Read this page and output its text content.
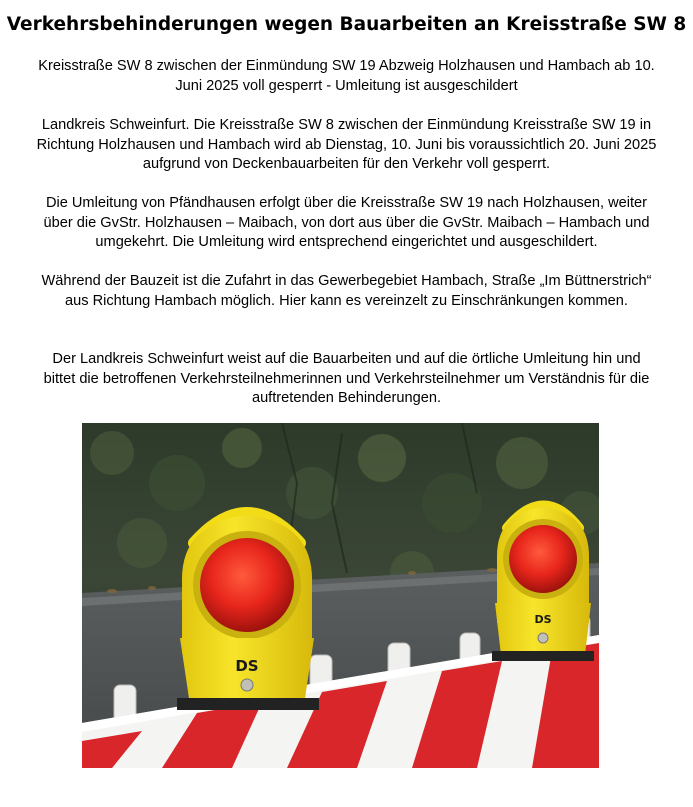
Verkehrsbehinderungen wegen Bauarbeiten an Kreisstraße SW 8

Kreisstraße SW 8 zwischen der Einmündung SW 19 Abzweig Holzhausen und Hambach ab 10. Juni 2025 voll gesperrt - Umleitung ist ausgeschildert

Landkreis Schweinfurt. Die Kreisstraße SW 8 zwischen der Einmündung Kreisstraße SW 19 in Richtung Holzhausen und Hambach wird ab Dienstag, 10. Juni bis voraussichtlich 20. Juni 2025 aufgrund von Deckenbauarbeiten für den Verkehr voll gesperrt.

Die Umleitung von Pfändhausen erfolgt über die Kreisstraße SW 19 nach Holzhausen, weiter über die GvStr. Holzhausen – Maibach, von dort aus über die GvStr. Maibach – Hambach und umgekehrt. Die Umleitung wird entsprechend eingerichtet und ausgeschildert.

Während der Bauzeit ist die Zufahrt in das Gewerbegebiet Hambach, Straße „Im Büttnerstrich“ aus Richtung Hambach möglich. Hier kann es vereinzelt zu Einschränkungen kommen.

Der Landkreis Schweinfurt weist auf die Bauarbeiten und auf die örtliche Umleitung hin und bittet die betroffenen Verkehrsteilnehmerinnen und Verkehrsteilnehmer um Verständnis für die auftretenden Behinderungen.

DS
DS
